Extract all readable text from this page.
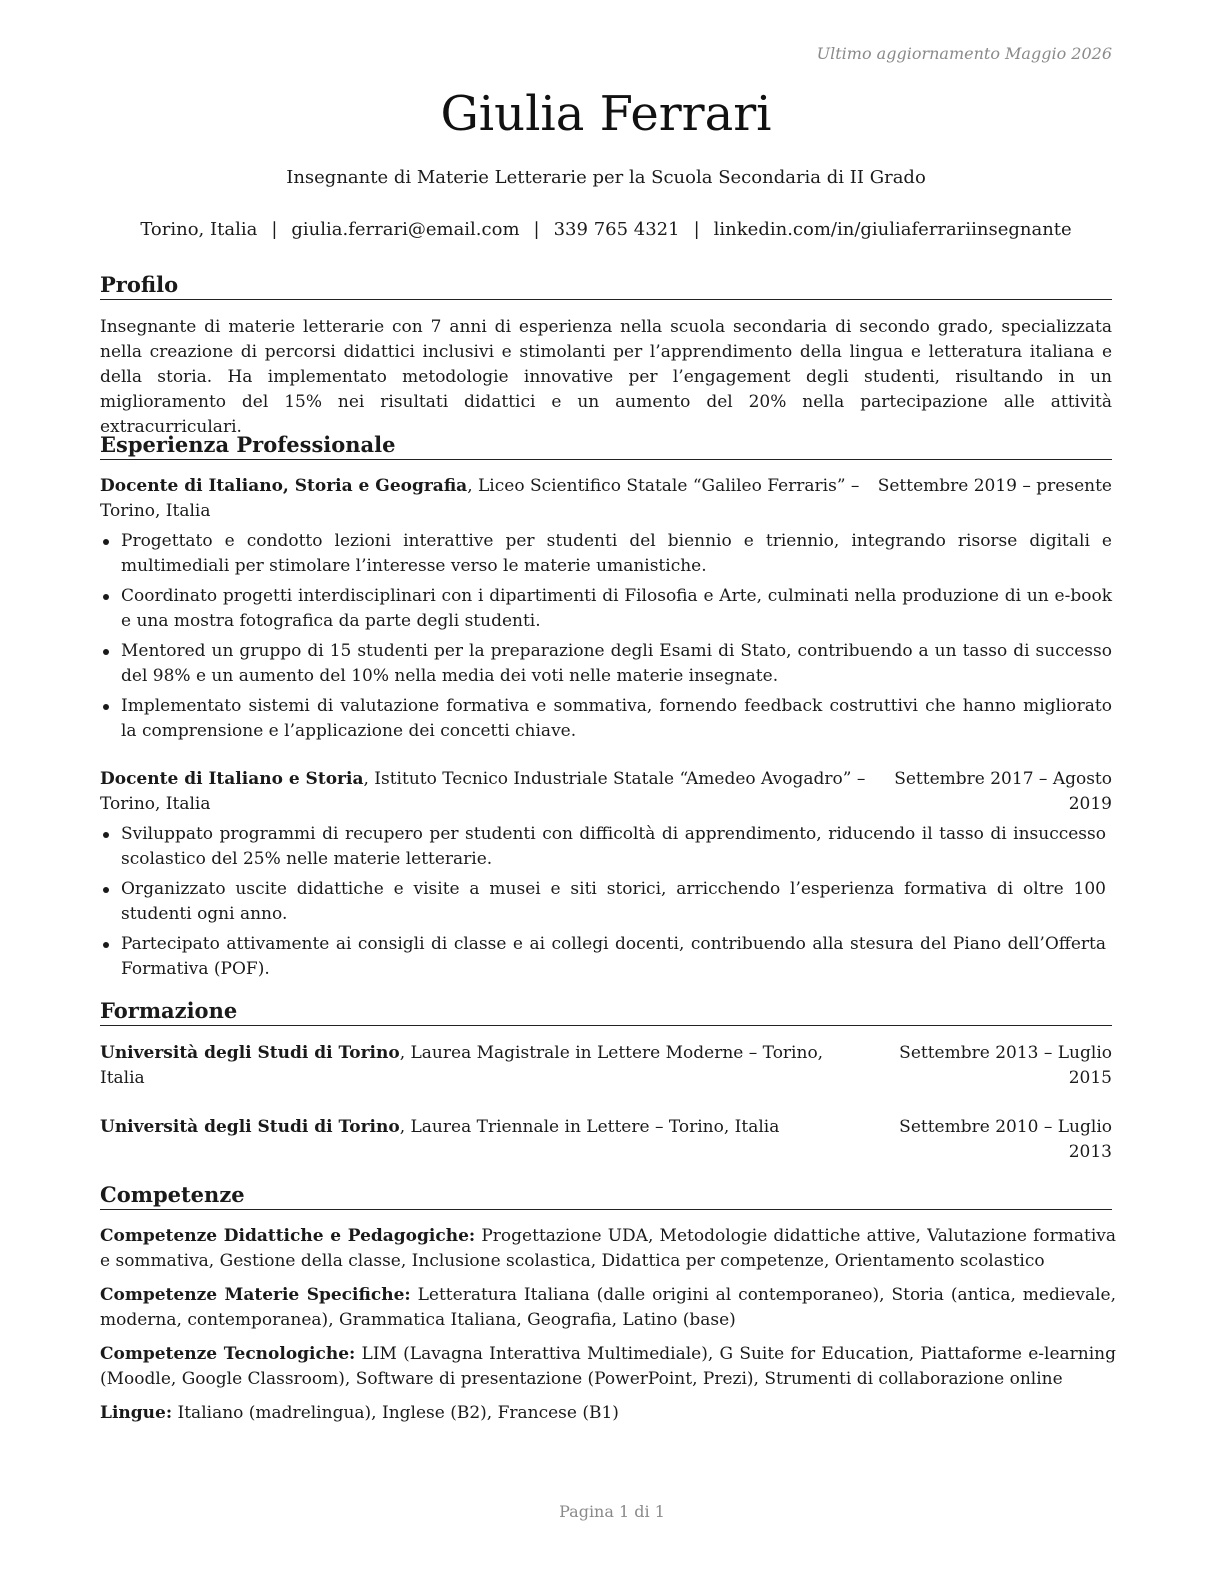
Ultimo aggiornamento Maggio 2026
Giulia Ferrari
Insegnante di Materie Letterarie per la Scuola Secondaria di II Grado
Torino, Italia | giulia.ferrari@email.com | 339 765 4321 | linkedin.com/in/giuliaferrariinsegnante
Profilo

Insegnante di materie letterarie con 7 anni di esperienza nella scuola secondaria di secondo grado, specializzata nella creazione di percorsi didattici inclusivi e stimolanti per l’apprendimento della lingua e letteratura italiana e della storia. Ha implementato metodologie innovative per l’engagement degli studenti, risultando in un miglioramento del 15% nei risultati didattici e un aumento del 20% nella partecipazione alle attività extracurriculari.

Esperienza Professionale
Docente di Italiano, Storia e Geografia, Liceo Scientifico Statale “Galileo Ferraris” –	Settembre 2019 – presente
Torino, Italia
Progettato e condotto lezioni interattive per studenti del biennio e triennio, integrando risorse digitali e multimediali per stimolare l’interesse verso le materie umanistiche.
Coordinato progetti interdisciplinari con i dipartimenti di Filosofia e Arte, culminati nella produzione di un e-book e una mostra fotografica da parte degli studenti.
Mentored un gruppo di 15 studenti per la preparazione degli Esami di Stato, contribuendo a un tasso di successo del 98% e un aumento del 10% nella media dei voti nelle materie insegnate.
Implementato sistemi di valutazione formativa e sommativa, fornendo feedback costruttivi che hanno migliorato la comprensione e l’applicazione dei concetti chiave.
Docente di Italiano e Storia, Istituto Tecnico Industriale Statale “Amedeo Avogadro” –	Settembre 2017 – Agosto 2019
Torino, Italia
Sviluppato programmi di recupero per studenti con difficoltà di apprendimento, riducendo il tasso di insuccesso scolastico del 25% nelle materie letterarie.
Organizzato uscite didattiche e visite a musei e siti storici, arricchendo l’esperienza formativa di oltre 100 studenti ogni anno.
Partecipato attivamente ai consigli di classe e ai collegi docenti, contribuendo alla stesura del Piano dell’Offerta Formativa (POF).
Formazione
Università degli Studi di Torino, Laurea Magistrale in Lettere Moderne – Torino, Italia
Settembre 2013 – Luglio 2015
Università degli Studi di Torino, Laurea Triennale in Lettere – Torino, Italia	Settembre 2010 – Luglio 2013
Competenze
Competenze Didattiche e Pedagogiche: Progettazione UDA, Metodologie didattiche attive, Valutazione formativa e sommativa, Gestione della classe, Inclusione scolastica, Didattica per competenze, Orientamento scolastico
Competenze Materie Specifiche: Letteratura Italiana (dalle origini al contemporaneo), Storia (antica, medievale, moderna, contemporanea), Grammatica Italiana, Geografia, Latino (base)
Competenze Tecnologiche: LIM (Lavagna Interattiva Multimediale), G Suite for Education, Piattaforme e-learning (Moodle, Google Classroom), Software di presentazione (PowerPoint, Prezi), Strumenti di collaborazione online
Lingue: Italiano (madrelingua), Inglese (B2), Francese (B1)
Pagina 1 di 1
